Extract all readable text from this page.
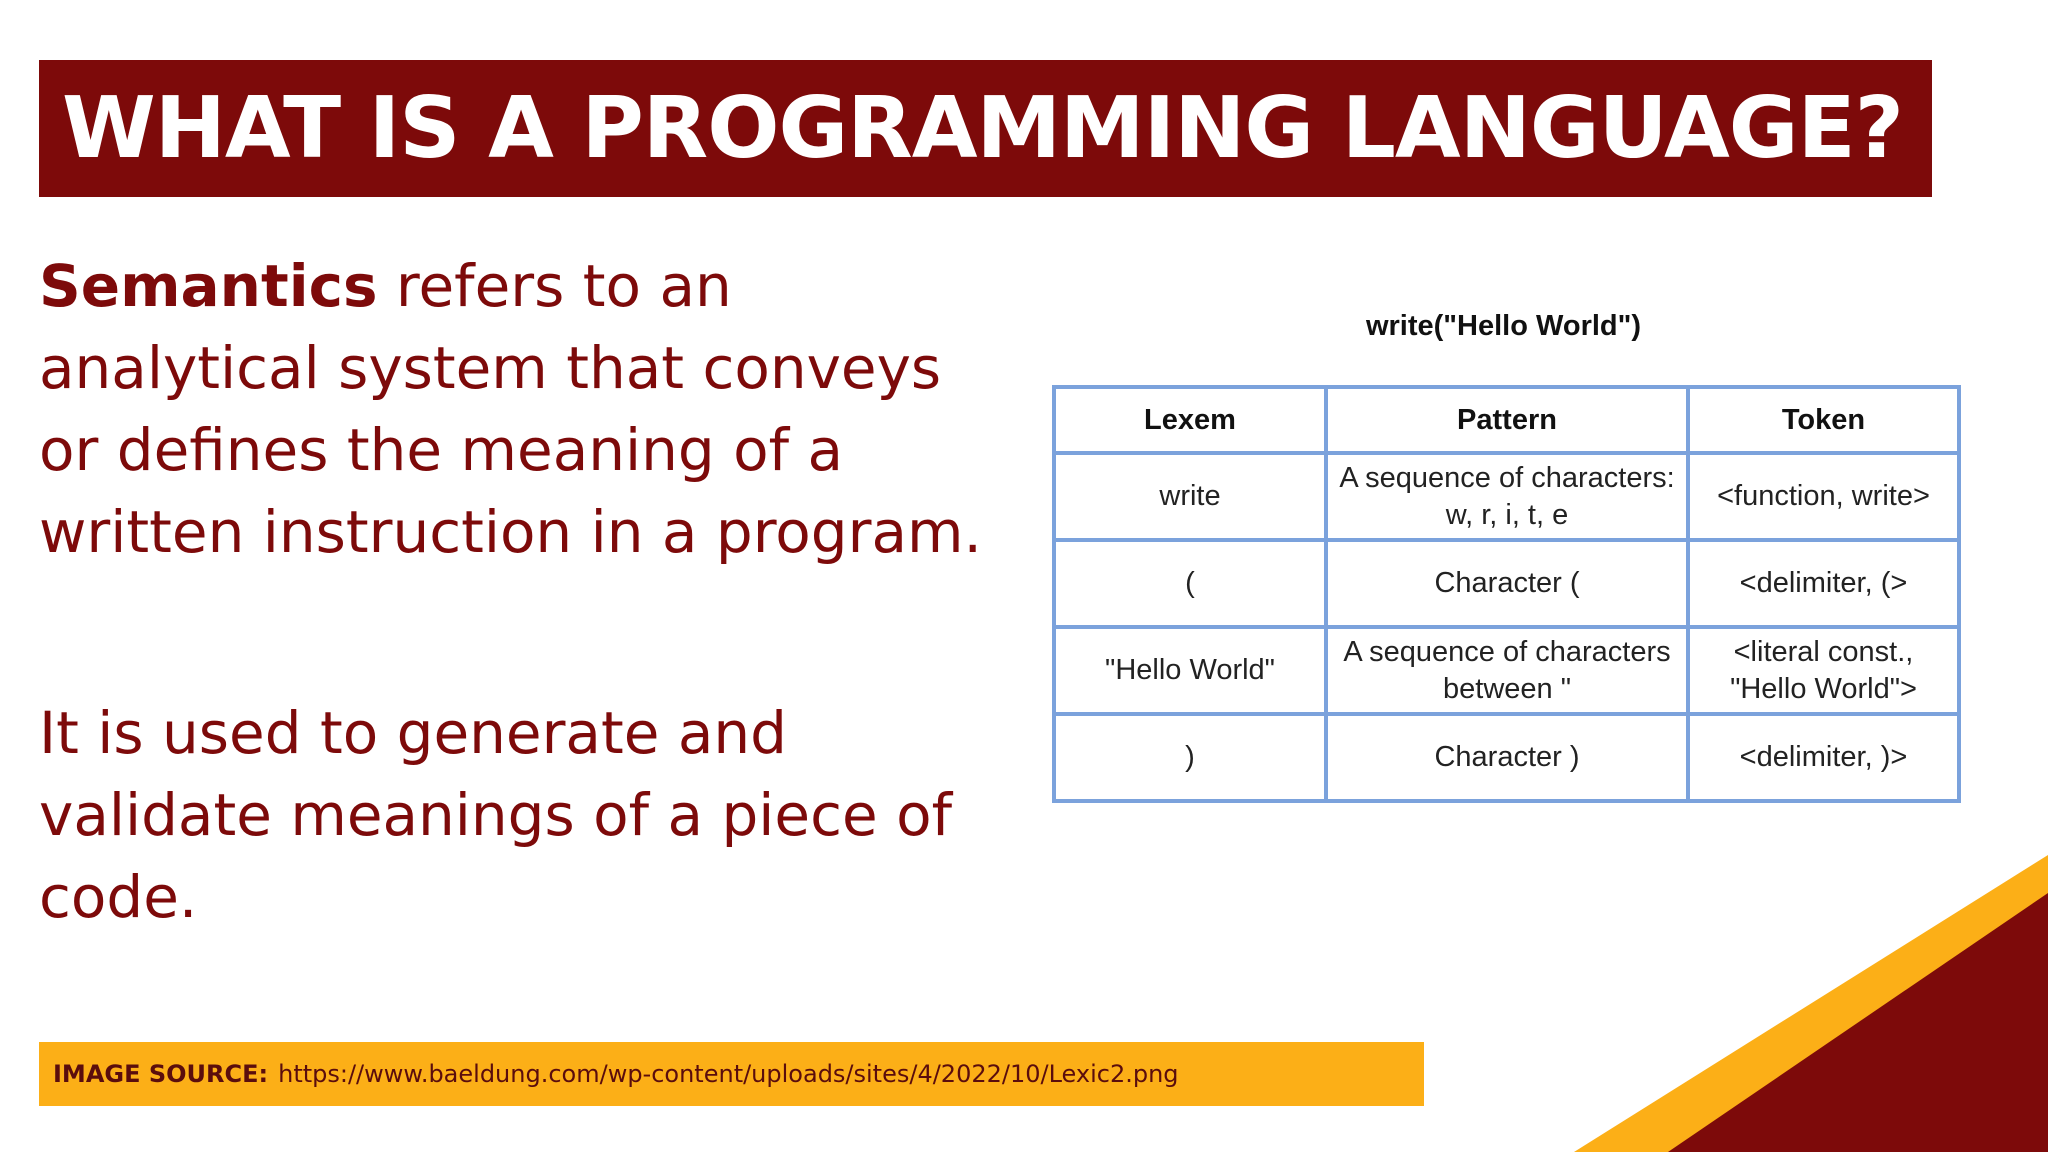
WHAT IS A PROGRAMMING LANGUAGE?

Semantics refers to an analytical system that conveys or defines the meaning of a written instruction in a program.

It is used to generate and validate meanings of a piece of code.

write("Hello World")
Lexem	Pattern	Token
write	A sequence of characters: w, r, i, t, e	<function, write>
(	Character (	<delimiter, (>
"Hello World"	A sequence of characters between "	<literal const., "Hello World">
)	Character )	<delimiter, )>
IMAGE SOURCE: https://www.baeldung.com/wp-content/uploads/sites/4/2022/10/Lexic2.png
